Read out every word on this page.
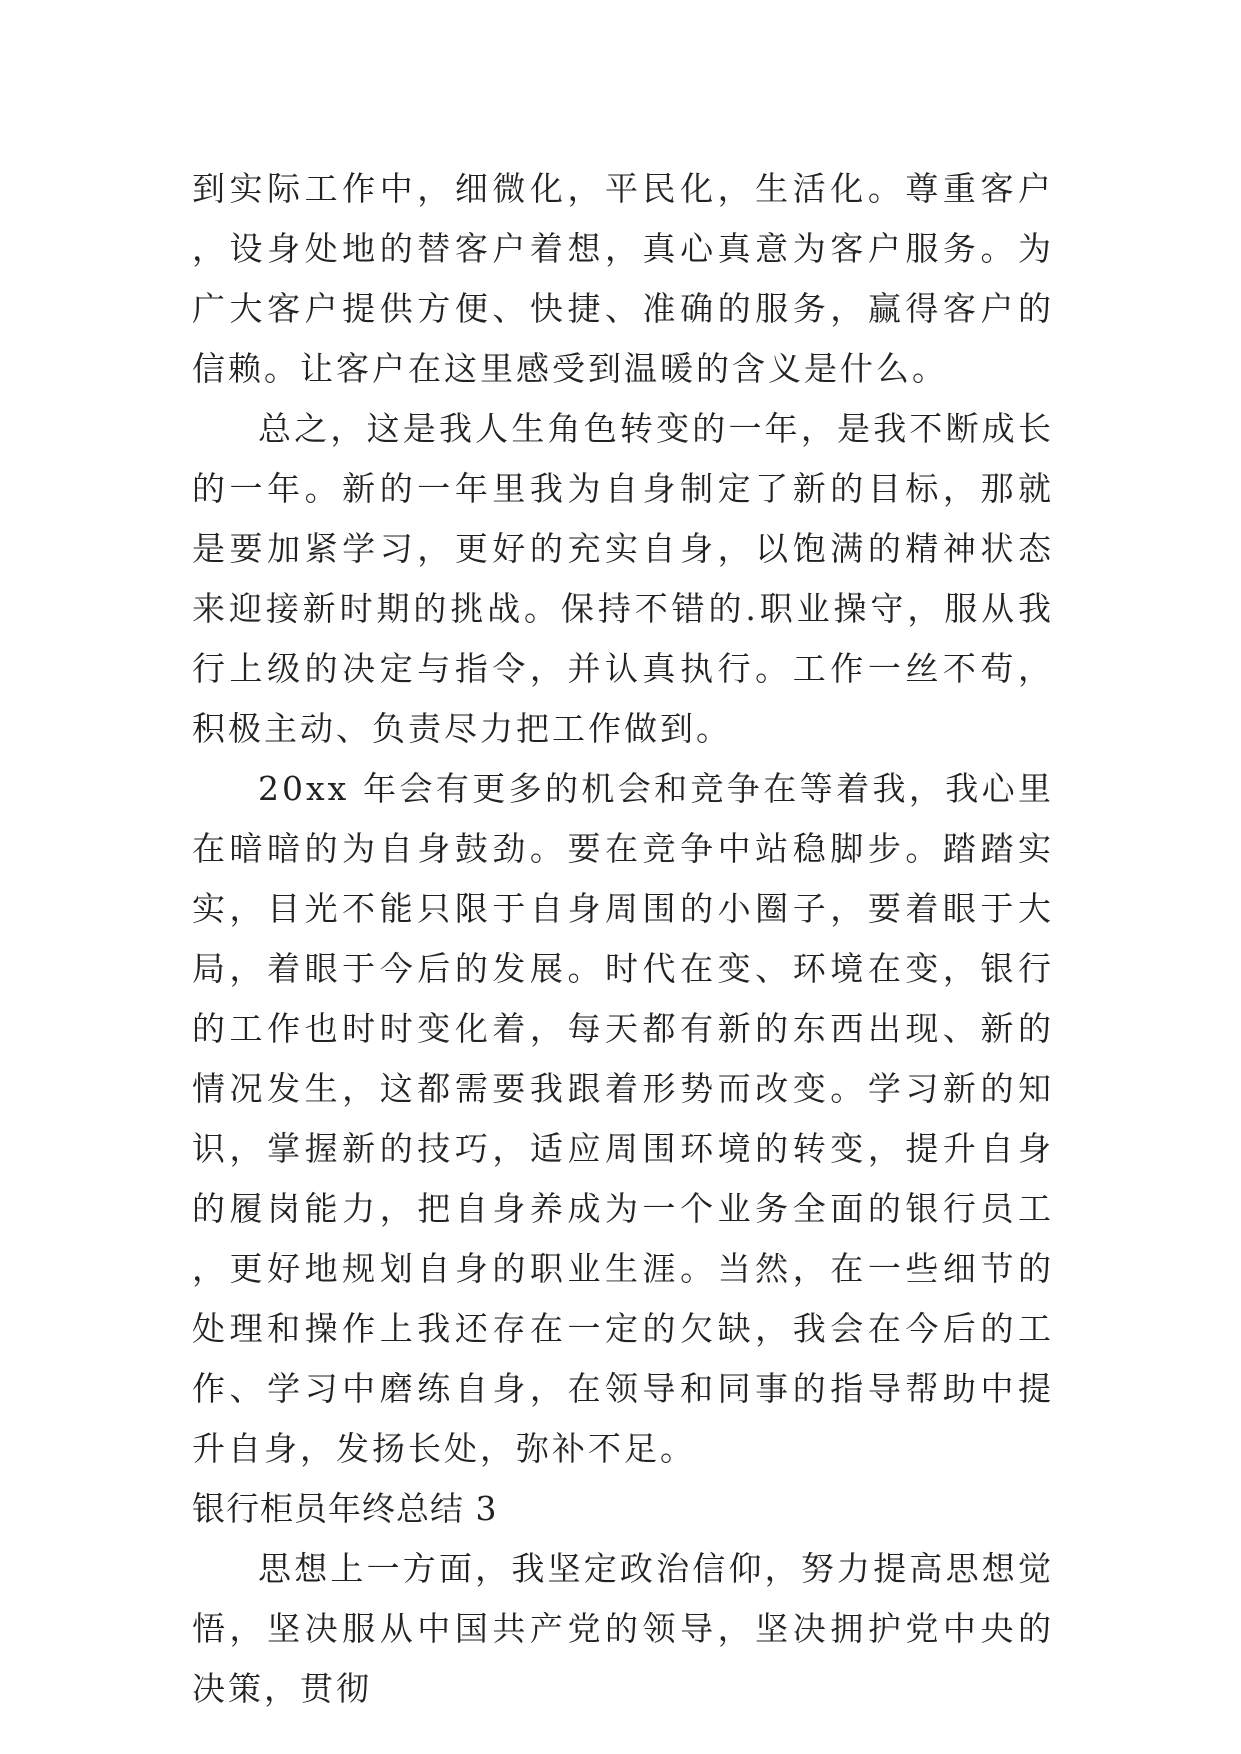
到实际工作中，细微化，平民化，生活化。尊重客户，设身处地的替客户着想，真心真意为客户服务。为广大客户提供方便、快捷、准确的服务，赢得客户的信赖。让客户在这里感受到温暖的含义是什么。

总之，这是我人生角色转变的一年，是我不断成长的一年。新的一年里我为自身制定了新的目标，那就是要加紧学习，更好的充实自身，以饱满的精神状态来迎接新时期的挑战。保持不错的.职业操守，服从我行上级的决定与指令，并认真执行。工作一丝不苟，积极主动、负责尽力把工作做到。

20xx 年会有更多的机会和竞争在等着我，我心里在暗暗的为自身鼓劲。要在竞争中站稳脚步。踏踏实实，目光不能只限于自身周围的小圈子，要着眼于大局，着眼于今后的发展。时代在变、环境在变，银行的工作也时时变化着，每天都有新的东西出现、新的情况发生，这都需要我跟着形势而改变。学习新的知识，掌握新的技巧，适应周围环境的转变，提升自身的履岗能力，把自身养成为一个业务全面的银行员工，更好地规划自身的职业生涯。当然，在一些细节的处理和操作上我还存在一定的欠缺，我会在今后的工作、学习中磨练自身，在领导和同事的指导帮助中提升自身，发扬长处，弥补不足。

银行柜员年终总结 3

思想上一方面，我坚定政治信仰，努力提高思想觉悟，坚决服从中国共产党的领导，坚决拥护党中央的决策，贯彻
